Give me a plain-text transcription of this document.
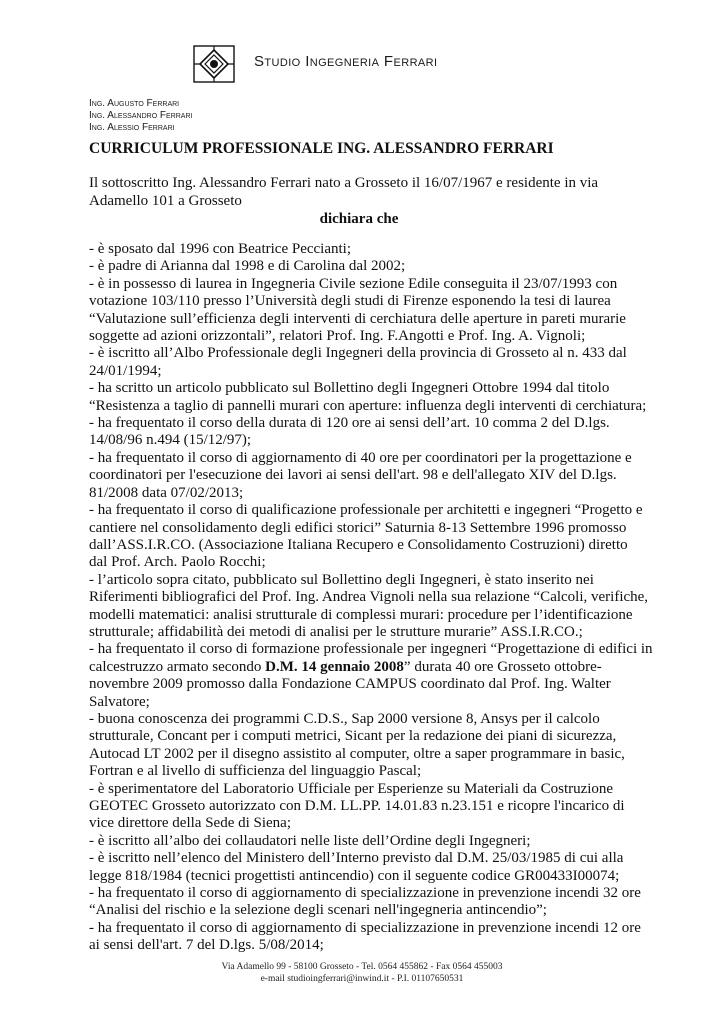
Studio Ingegneria Ferrari
Ing. Augusto Ferrari
Ing. Alessandro Ferrari
Ing. Alessio Ferrari
CURRICULUM PROFESSIONALE ING. ALESSANDRO FERRARI
Il sottoscritto Ing. Alessandro Ferrari nato a Grosseto il 16/07/1967 e residente in via
Adamello 101 a Grosseto
dichiara che
- è sposato dal 1996 con Beatrice Peccianti;
- è padre di Arianna dal 1998 e di Carolina dal 2002;
- è in possesso di laurea in Ingegneria Civile sezione Edile conseguita il 23/07/1993 con
votazione 103/110 presso l’Università degli studi di Firenze esponendo la tesi di laurea
“Valutazione sull’efficienza degli interventi di cerchiatura delle aperture in pareti murarie
soggette ad azioni orizzontali”, relatori Prof. Ing. F.Angotti e Prof. Ing. A. Vignoli;
- è iscritto all’Albo Professionale degli Ingegneri della provincia di Grosseto al n. 433 dal
24/01/1994;
- ha scritto un articolo pubblicato sul Bollettino degli Ingegneri Ottobre 1994 dal titolo
“Resistenza a taglio di pannelli murari con aperture: influenza degli interventi di cerchiatura;
- ha frequentato il corso della durata di 120 ore ai sensi dell’art. 10 comma 2 del D.lgs.
14/08/96 n.494 (15/12/97);
- ha frequentato il corso di aggiornamento di 40 ore per coordinatori per la progettazione e
coordinatori per l'esecuzione dei lavori ai sensi dell'art. 98 e dell'allegato XIV del D.lgs.
81/2008 data 07/02/2013;
- ha frequentato il corso di qualificazione professionale per architetti e ingegneri “Progetto e
cantiere nel consolidamento degli edifici storici” Saturnia 8-13 Settembre 1996 promosso
dall’ASS.I.R.CO. (Associazione Italiana Recupero e Consolidamento Costruzioni) diretto
dal Prof. Arch. Paolo Rocchi;
- l’articolo sopra citato, pubblicato sul Bollettino degli Ingegneri, è stato inserito nei
Riferimenti bibliografici del Prof. Ing. Andrea Vignoli nella sua relazione “Calcoli, verifiche,
modelli matematici: analisi strutturale di complessi murari: procedure per l’identificazione
strutturale; affidabilità dei metodi di analisi per le strutture murarie” ASS.I.R.CO.;
- ha frequentato il corso di formazione professionale per ingegneri “Progettazione di edifici in
calcestruzzo armato secondo D.M. 14 gennaio 2008” durata 40 ore Grosseto ottobre-
novembre 2009 promosso dalla Fondazione CAMPUS coordinato dal Prof. Ing. Walter
Salvatore;
- buona conoscenza dei programmi C.D.S., Sap 2000 versione 8, Ansys per il calcolo
strutturale, Concant per i computi metrici, Sicant per la redazione dei piani di sicurezza,
Autocad LT 2002 per il disegno assistito al computer, oltre a saper programmare in basic,
Fortran e al livello di sufficienza del linguaggio Pascal;
- è sperimentatore del Laboratorio Ufficiale per Esperienze su Materiali da Costruzione
GEOTEC Grosseto autorizzato con D.M. LL.PP. 14.01.83 n.23.151 e ricopre l'incarico di
vice direttore della Sede di Siena;
- è iscritto all’albo dei collaudatori nelle liste dell’Ordine degli Ingegneri;
- è iscritto nell’elenco del Ministero dell’Interno previsto dal D.M. 25/03/1985 di cui alla
legge 818/1984 (tecnici progettisti antincendio) con il seguente codice GR00433I00074;
- ha frequentato il corso di aggiornamento di specializzazione in prevenzione incendi 32 ore
“Analisi del rischio e la selezione degli scenari nell'ingegneria antincendio”;
- ha frequentato il corso di aggiornamento di specializzazione in prevenzione incendi 12 ore
ai sensi dell'art. 7 del D.lgs. 5/08/2014;
Via Adamello 99 - 58100 Grosseto - Tel. 0564 455862 - Fax 0564 455003
e-mail studioingferrari@inwind.it - P.I. 01107650531
